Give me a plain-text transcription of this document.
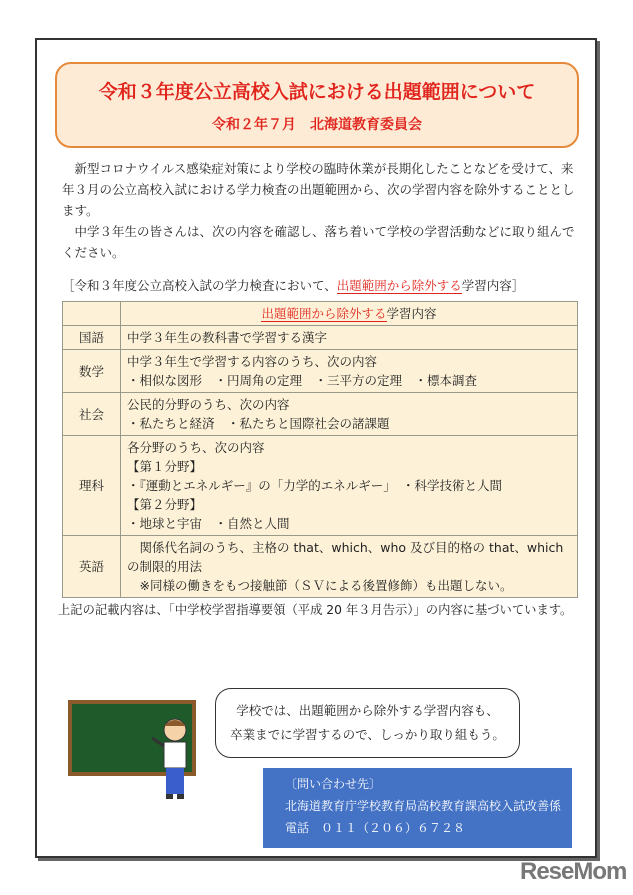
令和３年度公立高校入試における出題範囲について
令和２年７月　北海道教育委員会

新型コロナウイルス感染症対策により学校の臨時休業が長期化したことなどを受けて、来年３月の公立高校入試における学力検査の出題範囲から、次の学習内容を除外することとします。

中学３年生の皆さんは、次の内容を確認し、落ち着いて学校の学習活動などに取り組んでください。

［令和３年度公立高校入試の学力検査において、出題範囲から除外する学習内容］
	出題範囲から除外する学習内容
国語	中学３年生の教科書で学習する漢字

数学	中学３年生で学習する内容のうち、次の内容
・相似な図形　・円周角の定理　・三平方の定理　・標本調査

社会	公民的分野のうち、次の内容
・私たちと経済　・私たちと国際社会の諸課題

理科	各分野のうち、次の内容
【第１分野】
・『運動とエネルギー』の「力学的エネルギー」　・科学技術と人間
【第２分野】
・地球と宇宙　・自然と人間

英語	　関係代名詞のうち、主格の that、which、who 及び目的格の that、which の制限的用法
　※同様の働きをもつ接触節（ＳＶによる後置修飾）も出題しない。
上記の記載内容は、「中学校学習指導要領（平成 20 年３月告示）」の内容に基づいています。
学校では、出題範囲から除外する学習内容も、
卒業までに学習するので、しっかり取り組もう。
〔問い合わせ先〕
北海道教育庁学校教育局高校教育課高校入試改善係
電話　０１１（２０６）６７２８
ReseMom
